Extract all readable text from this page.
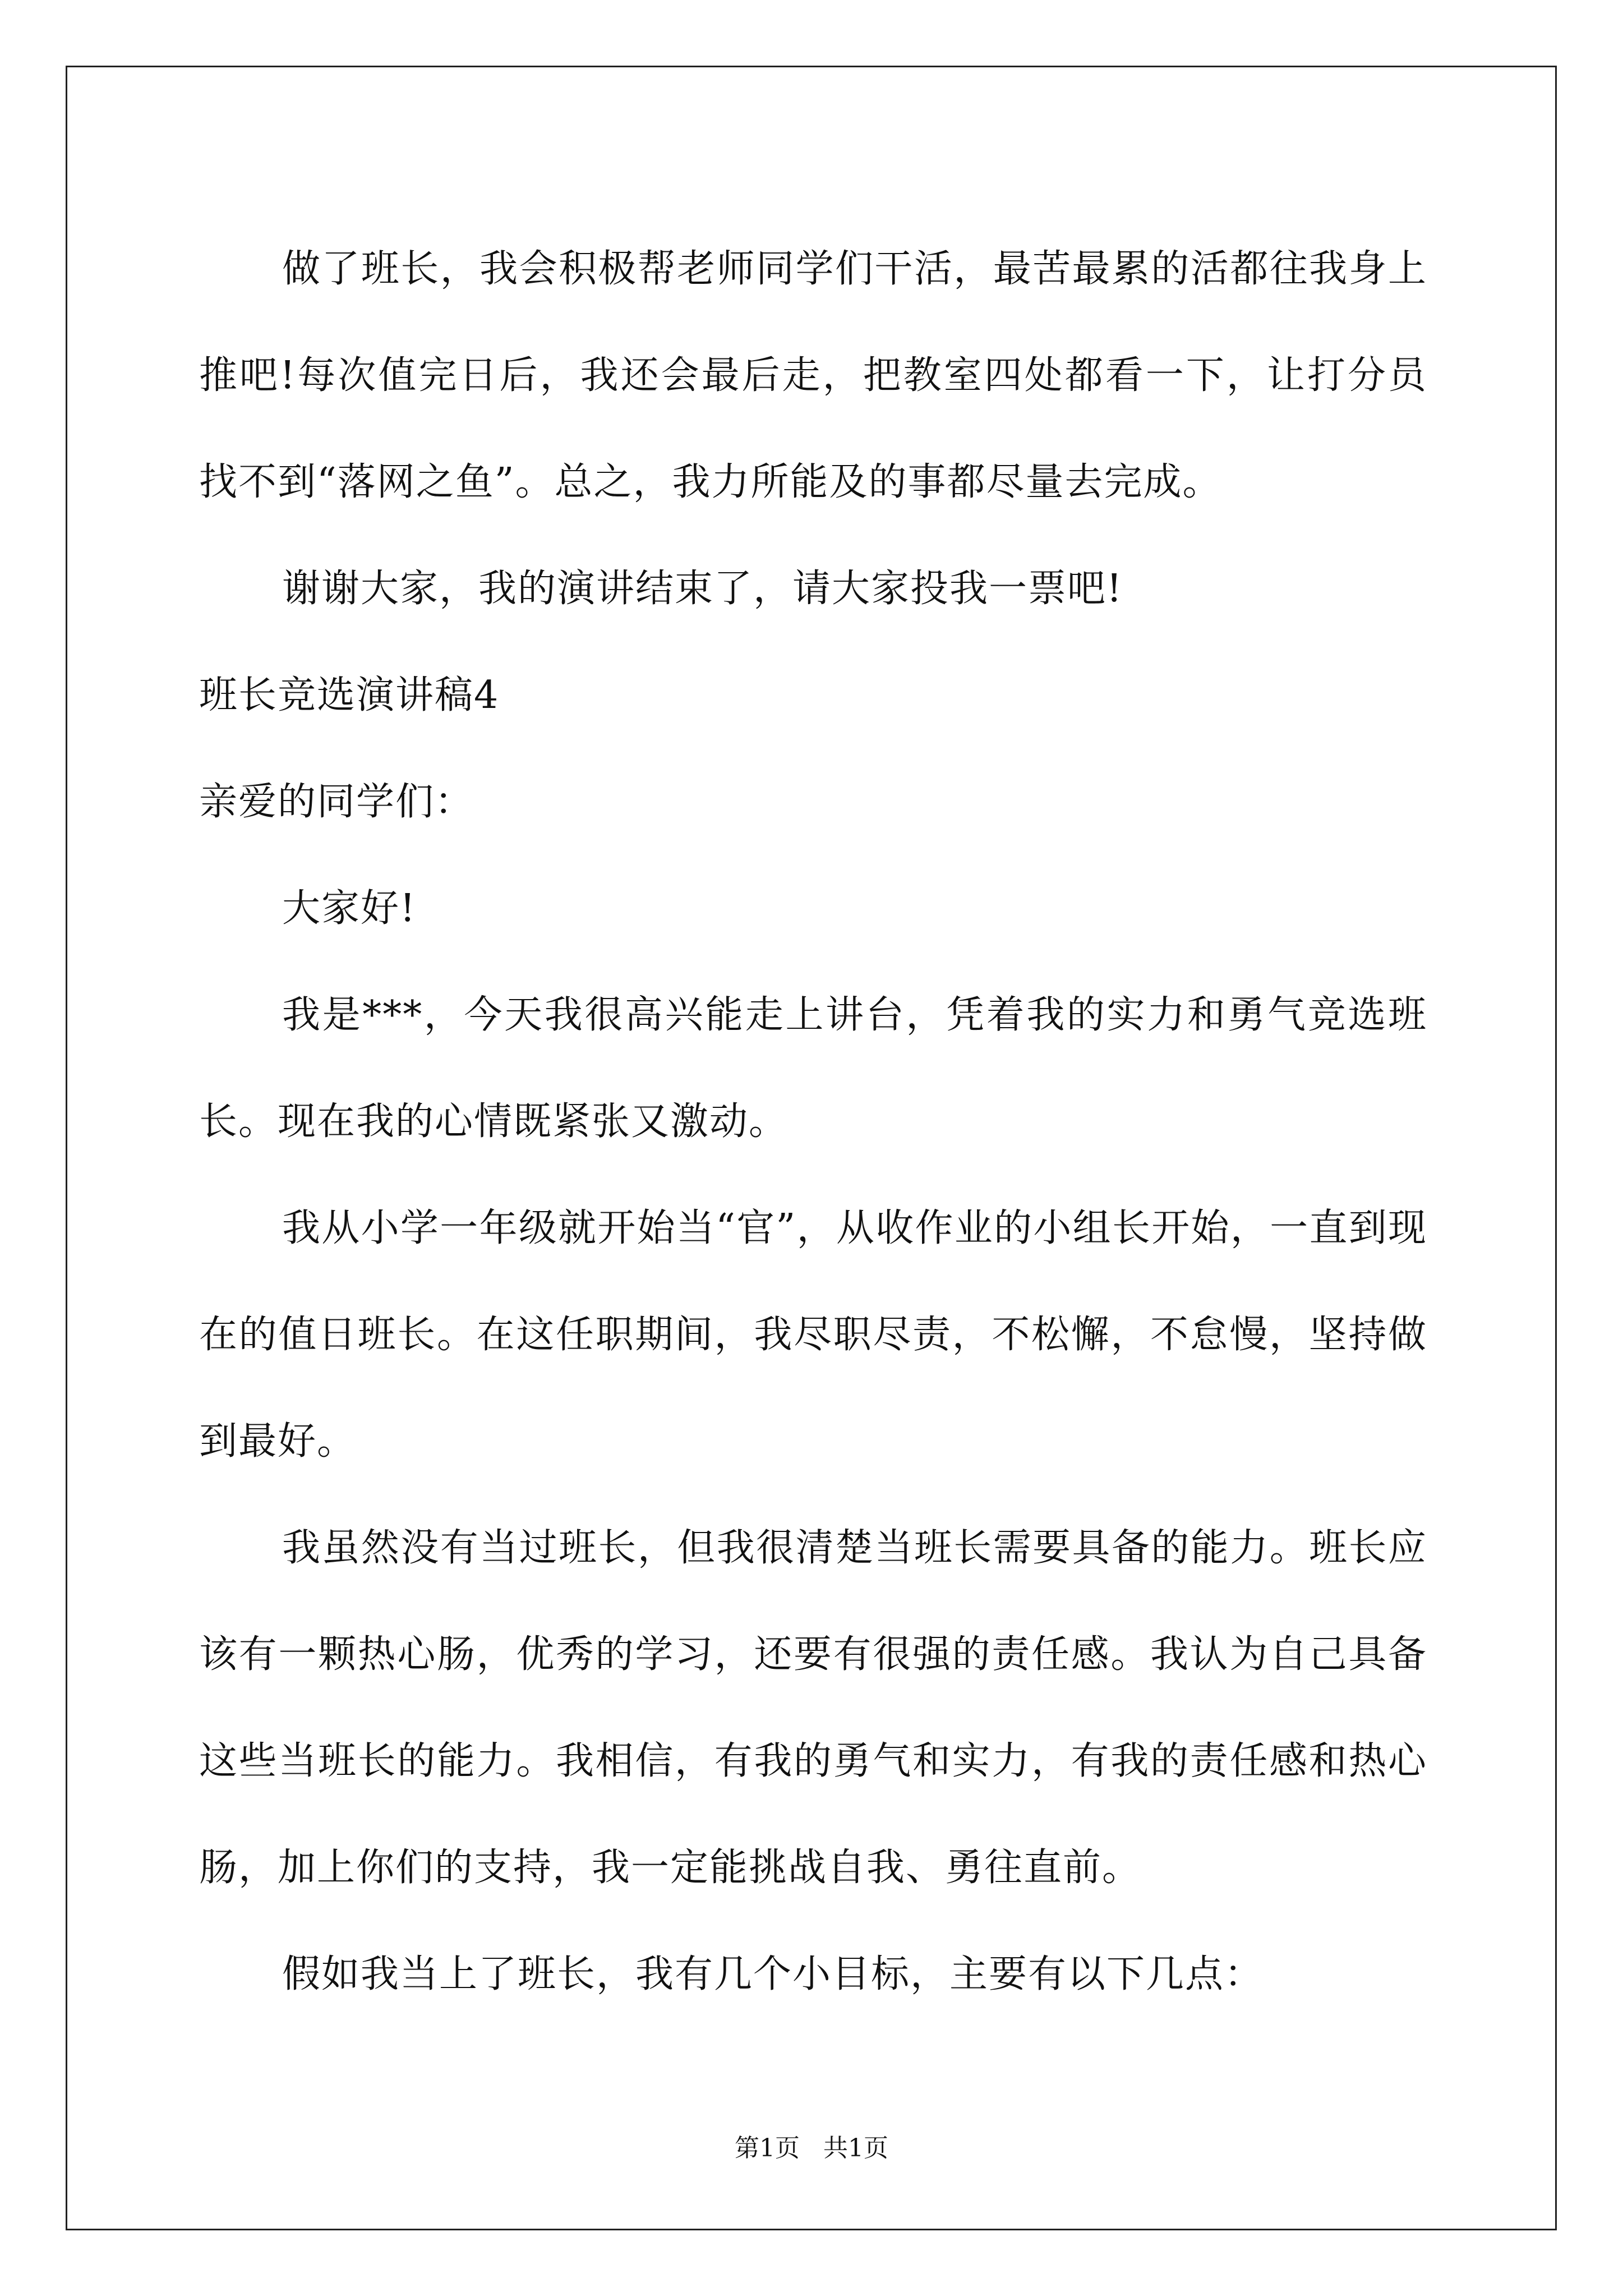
做了班长，我会积极帮老师同学们干活，最苦最累的活都往我身上推吧!每次值完日后，我还会最后走，把教室四处都看一下，让打分员找不到“落网之鱼”。总之，我力所能及的事都尽量去完成。

谢谢大家，我的演讲结束了，请大家投我一票吧!

班长竞选演讲稿4

亲爱的同学们：

大家好!

我是***，今天我很高兴能走上讲台，凭着我的实力和勇气竞选班长。现在我的心情既紧张又激动。

我从小学一年级就开始当“官”，从收作业的小组长开始，一直到现在的值日班长。在这任职期间，我尽职尽责，不松懈，不怠慢，坚持做到最好。

我虽然没有当过班长，但我很清楚当班长需要具备的能力。班长应该有一颗热心肠，优秀的学习，还要有很强的责任感。我认为自己具备这些当班长的能力。我相信，有我的勇气和实力，有我的责任感和热心肠，加上你们的支持，我一定能挑战自我、勇往直前。

假如我当上了班长，我有几个小目标，主要有以下几点：

第1页 共1页
